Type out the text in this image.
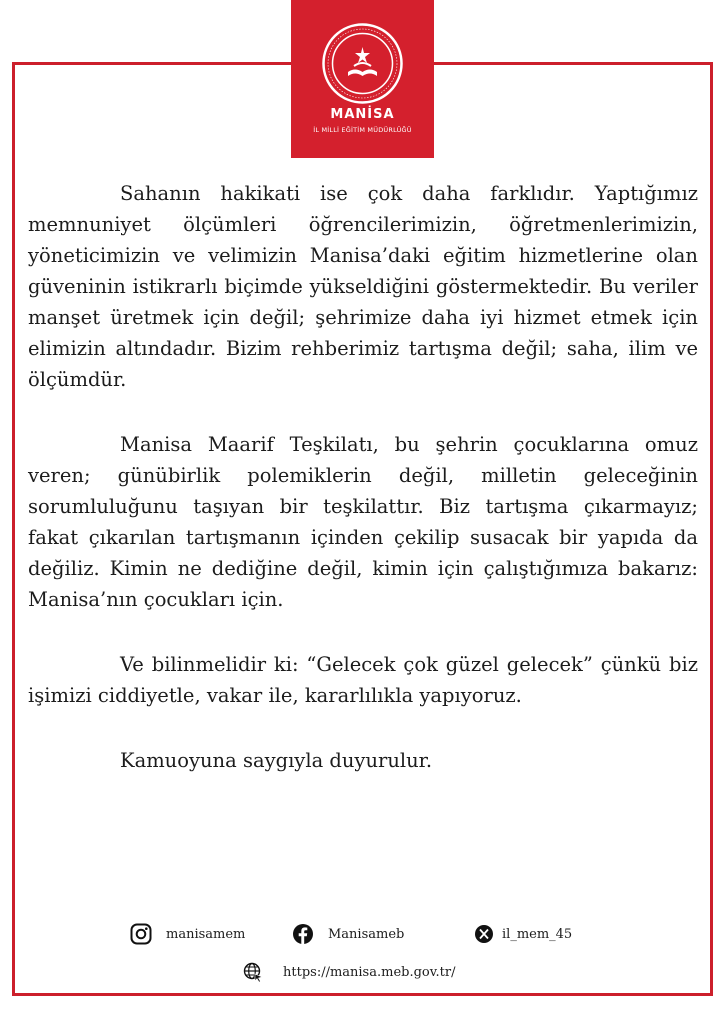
MANİSA
İL MİLLİ EĞİTİM MÜDÜRLÜĞÜ

Sahanın hakikati ise çok daha farklıdır. Yaptığımız memnuniyet ölçümleri öğrencilerimizin, öğretmenlerimizin, yöneticimizin ve velimizin Manisa’daki eğitim hizmetlerine olan güveninin istikrarlı biçimde yükseldiğini göstermektedir. Bu veriler manşet üretmek için değil; şehrimize daha iyi hizmet etmek için elimizin altındadır. Bizim rehberimiz tartışma değil; saha, ilim ve ölçümdür.

Manisa Maarif Teşkilatı, bu şehrin çocuklarına omuz veren; günübirlik polemiklerin değil, milletin geleceğinin sorumluluğunu taşıyan bir teşkilattır. Biz tartışma çıkarmayız; fakat çıkarılan tartışmanın içinden çekilip susacak bir yapıda da değiliz. Kimin ne dediğine değil, kimin için çalıştığımıza bakarız: Manisa’nın çocukları için.

Ve bilinmelidir ki: “Gelecek çok güzel gelecek” çünkü biz işimizi ciddiyetle, vakar ile, kararlılıkla yapıyoruz.

Kamuoyuna saygıyla duyurulur.

manisamem	Manisameb	il_mem_45
https://manisa.meb.gov.tr/
